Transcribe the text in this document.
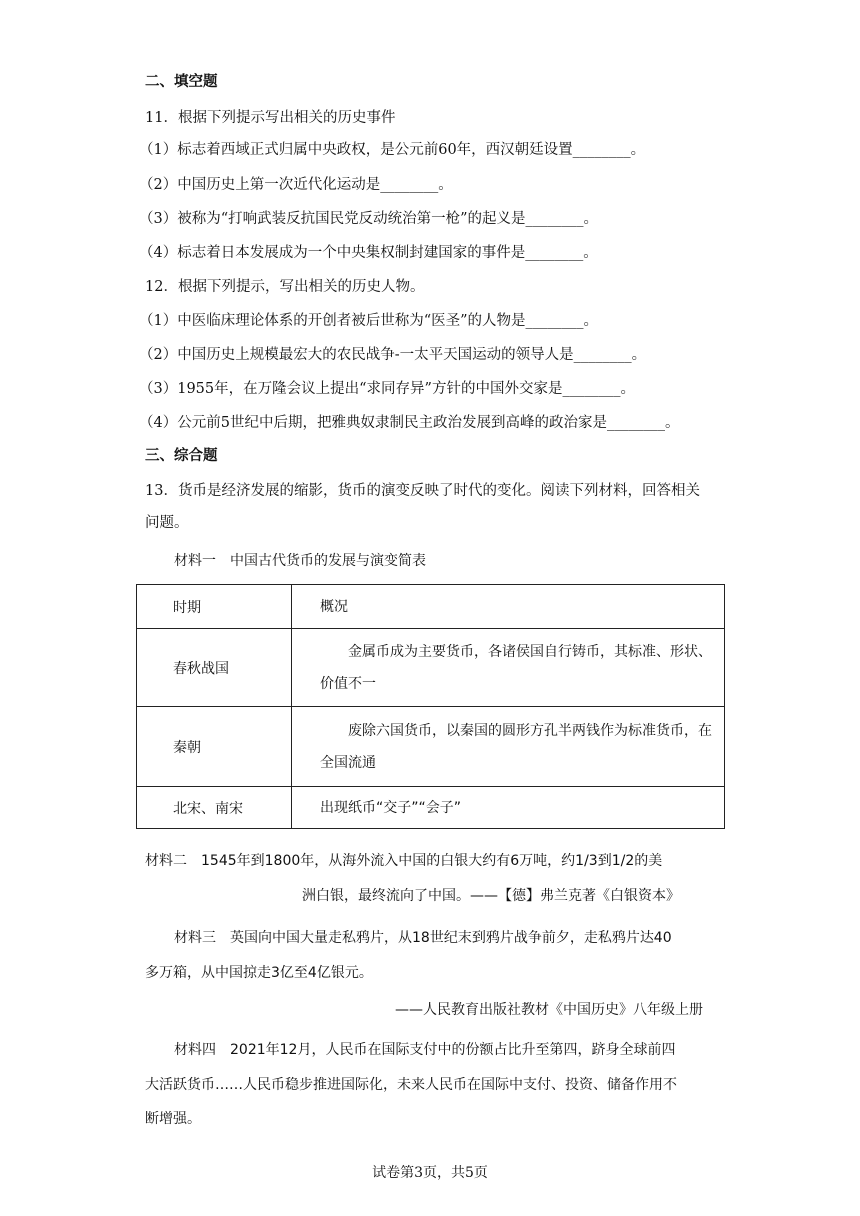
二、填空题
11．根据下列提示写出相关的历史事件
（1）标志着西域正式归属中央政权，是公元前60年，西汉朝廷设置________。
（2）中国历史上第一次近代化运动是________。
（3）被称为“打响武装反抗国民党反动统治第一枪”的起义是________。
（4）标志着日本发展成为一个中央集权制封建国家的事件是________。
12．根据下列提示，写出相关的历史人物。
（1）中医临床理论体系的开创者被后世称为“医圣”的人物是________。
（2）中国历史上规模最宏大的农民战争-一太平天国运动的领导人是________。
（3）1955年，在万隆会议上提出“求同存异”方针的中国外交家是________。
（4）公元前5世纪中后期，把雅典奴隶制民主政治发展到高峰的政治家是________。
三、综合题
13．货币是经济发展的缩影，货币的演变反映了时代的变化。阅读下列材料，回答相关
问题。
材料一　中国古代货币的发展与演变简表
时期	概况
春秋战国	金属币成为主要货币，各诸侯国自行铸币，其标准、形状、价值不一
秦朝	废除六国货币，以秦国的圆形方孔半两钱作为标准货币，在全国流通
北宋、南宋	出现纸币“交子”“会子”
材料二　1545年到1800年，从海外流入中国的白银大约有6万吨，约1/3到1/2的美
洲白银，最终流向了中国。——【德】弗兰克著《白银资本》
材料三　英国向中国大量走私鸦片，从18世纪末到鸦片战争前夕，走私鸦片达40
多万箱，从中国掠走3亿至4亿银元。
——人民教育出版社教材《中国历史》八年级上册
材料四　2021年12月，人民币在国际支付中的份额占比升至第四，跻身全球前四
大活跃货币……人民币稳步推进国际化，未来人民币在国际中支付、投资、储备作用不
断增强。
试卷第3页，共5页
